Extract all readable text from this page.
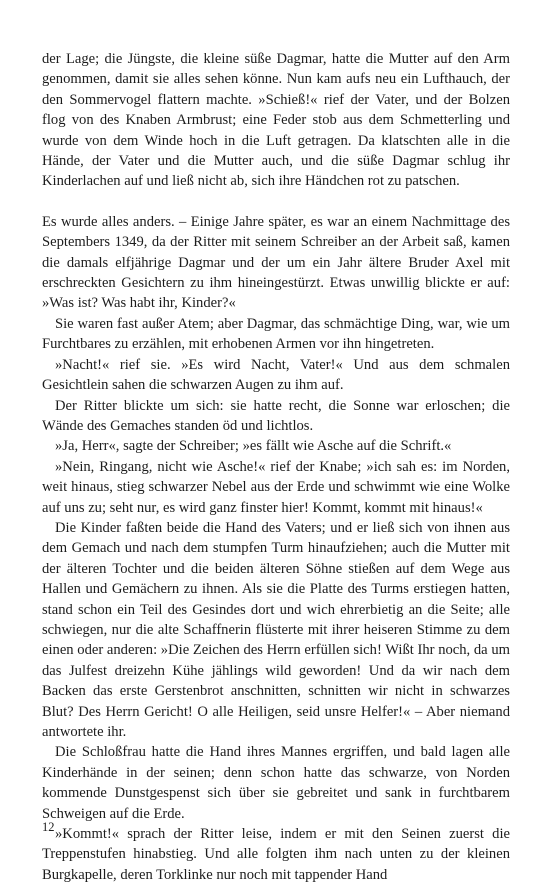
der Lage; die Jüngste, die kleine süße Dagmar, hatte die Mutter auf den Arm genommen, damit sie alles sehen könne. Nun kam aufs neu ein Lufthauch, der den Sommervogel flattern machte. »Schieß!« rief der Vater, und der Bolzen flog von des Knaben Armbrust; eine Feder stob aus dem Schmetterling und wurde von dem Winde hoch in die Luft getragen. Da klatschten alle in die Hände, der Vater und die Mutter auch, und die süße Dagmar schlug ihr Kinderlachen auf und ließ nicht ab, sich ihre Händchen rot zu patschen.

Es wurde alles anders. – Einige Jahre später, es war an einem Nachmittage des Septembers 1349, da der Ritter mit seinem Schreiber an der Arbeit saß, kamen die damals elfjährige Dagmar und der um ein Jahr ältere Bruder Axel mit erschreckten Gesichtern zu ihm hineingestürzt. Etwas unwillig blickte er auf: »Was ist? Was habt ihr, Kinder?«

Sie waren fast außer Atem; aber Dagmar, das schmächtige Ding, war, wie um Furchtbares zu erzählen, mit erhobenen Armen vor ihn hingetreten.

»Nacht!« rief sie. »Es wird Nacht, Vater!« Und aus dem schmalen Gesichtlein sahen die schwarzen Augen zu ihm auf.

Der Ritter blickte um sich: sie hatte recht, die Sonne war erloschen; die Wände des Gemaches standen öd und lichtlos.

»Ja, Herr«, sagte der Schreiber; »es fällt wie Asche auf die Schrift.«

»Nein, Ringang, nicht wie Asche!« rief der Knabe; »ich sah es: im Norden, weit hinaus, stieg schwarzer Nebel aus der Erde und schwimmt wie eine Wolke auf uns zu; seht nur, es wird ganz finster hier! Kommt, kommt mit hinaus!«

Die Kinder faßten beide die Hand des Vaters; und er ließ sich von ihnen aus dem Gemach und nach dem stumpfen Turm hinaufziehen; auch die Mutter mit der älteren Tochter und die beiden älteren Söhne stießen auf dem Wege aus Hallen und Gemächern zu ihnen. Als sie die Platte des Turms erstiegen hatten, stand schon ein Teil des Gesindes dort und wich ehrerbietig an die Seite; alle schwiegen, nur die alte Schaffnerin flüsterte mit ihrer heiseren Stimme zu dem einen oder anderen: »Die Zeichen des Herrn erfüllen sich! Wißt Ihr noch, da um das Julfest dreizehn Kühe jählings wild geworden! Und da wir nach dem Backen das erste Gerstenbrot anschnitten, schnitten wir nicht in schwarzes Blut? Des Herrn Gericht! O alle Heiligen, seid unsre Helfer!« – Aber niemand antwortete ihr.

Die Schloßfrau hatte die Hand ihres Mannes ergriffen, und bald lagen alle Kinderhände in der seinen; denn schon hatte das schwarze, von Norden kommende Dunstgespenst sich über sie gebreitet und sank in furchtbarem Schweigen auf die Erde.

»Kommt!« sprach der Ritter leise, indem er mit den Seinen zuerst die Treppenstufen hinabstieg. Und alle folgten ihm nach unten zu der kleinen Burgkapelle, deren Torklinke nur noch mit tappender Hand

12
